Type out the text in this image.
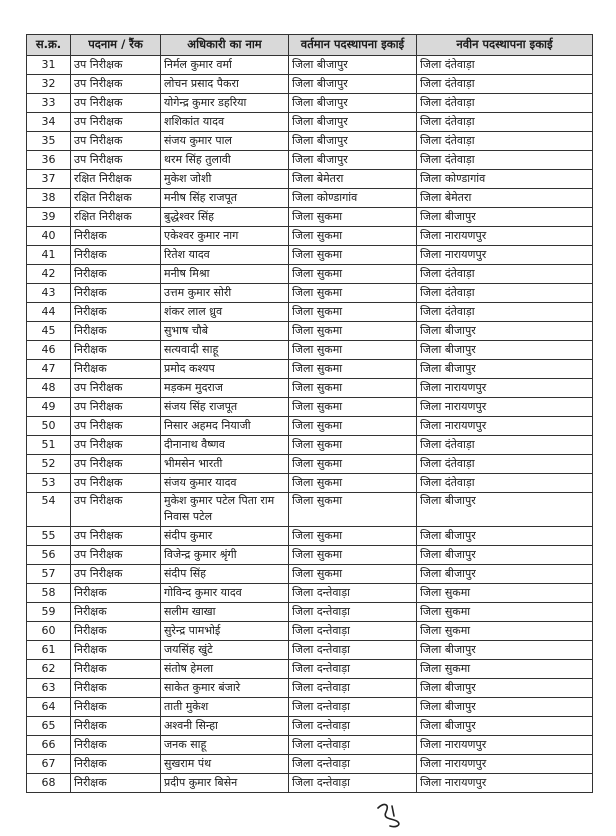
स.क्र.	पदनाम / रैंक	अधिकारी का नाम	वर्तमान पदस्थापना इकाई	नवीन पदस्थापना इकाई
31	उप निरीक्षक	निर्मल कुमार वर्मा	जिला बीजापुर	जिला दंतेवाड़ा
32	उप निरीक्षक	लोचन प्रसाद पैकरा	जिला बीजापुर	जिला दंतेवाड़ा
33	उप निरीक्षक	योगेन्द्र कुमार डहरिया	जिला बीजापुर	जिला दंतेवाड़ा
34	उप निरीक्षक	शशिकांत यादव	जिला बीजापुर	जिला दंतेवाड़ा
35	उप निरीक्षक	संजय कुमार पाल	जिला बीजापुर	जिला दंतेवाड़ा
36	उप निरीक्षक	थरम सिंह तुलावी	जिला बीजापुर	जिला दंतेवाड़ा
37	रक्षित निरीक्षक	मुकेश जोशी	जिला बेमेतरा	जिला कोण्डागांव
38	रक्षित निरीक्षक	मनीष सिंह राजपूत	जिला कोण्डागांव	जिला बेमेतरा
39	रक्षित निरीक्षक	बुद्धेश्वर सिंह	जिला सुकमा	जिला बीजापुर
40	निरीक्षक	एकेश्वर कुमार नाग	जिला सुकमा	जिला नारायणपुर
41	निरीक्षक	रितेश यादव	जिला सुकमा	जिला नारायणपुर
42	निरीक्षक	मनीष मिश्रा	जिला सुकमा	जिला दंतेवाड़ा
43	निरीक्षक	उत्तम कुमार सोरी	जिला सुकमा	जिला दंतेवाड़ा
44	निरीक्षक	शंकर लाल ध्रुव	जिला सुकमा	जिला दंतेवाड़ा
45	निरीक्षक	सुभाष चौबे	जिला सुकमा	जिला बीजापुर
46	निरीक्षक	सत्यवादी साहू	जिला सुकमा	जिला बीजापुर
47	निरीक्षक	प्रमोद कश्यप	जिला सुकमा	जिला बीजापुर
48	उप निरीक्षक	मड़कम मुदराज	जिला सुकमा	जिला नारायणपुर
49	उप निरीक्षक	संजय सिंह राजपूत	जिला सुकमा	जिला नारायणपुर
50	उप निरीक्षक	निसार अहमद नियाजी	जिला सुकमा	जिला नारायणपुर
51	उप निरीक्षक	दीनानाथ वैष्णव	जिला सुकमा	जिला दंतेवाड़ा
52	उप निरीक्षक	भीमसेन भारती	जिला सुकमा	जिला दंतेवाड़ा
53	उप निरीक्षक	संजय कुमार यादव	जिला सुकमा	जिला दंतेवाड़ा
54	उप निरीक्षक	मुकेश कुमार पटेल पिता राम निवास पटेल	जिला सुकमा	जिला बीजापुर
55	उप निरीक्षक	संदीप कुमार	जिला सुकमा	जिला बीजापुर
56	उप निरीक्षक	विजेन्द्र कुमार श्रृंगी	जिला सुकमा	जिला बीजापुर
57	उप निरीक्षक	संदीप सिंह	जिला सुकमा	जिला बीजापुर
58	निरीक्षक	गोविन्द कुमार यादव	जिला दन्तेवाड़ा	जिला सुकमा
59	निरीक्षक	सलीम खाखा	जिला दन्तेवाड़ा	जिला सुकमा
60	निरीक्षक	सुरेन्द्र पामभोई	जिला दन्तेवाड़ा	जिला सुकमा
61	निरीक्षक	जयसिंह खुंटे	जिला दन्तेवाड़ा	जिला बीजापुर
62	निरीक्षक	संतोष हेमला	जिला दन्तेवाड़ा	जिला सुकमा
63	निरीक्षक	साकेत कुमार बंजारे	जिला दन्तेवाड़ा	जिला बीजापुर
64	निरीक्षक	ताती मुकेश	जिला दन्तेवाड़ा	जिला बीजापुर
65	निरीक्षक	अश्वनी सिन्हा	जिला दन्तेवाड़ा	जिला बीजापुर
66	निरीक्षक	जनक साहू	जिला दन्तेवाड़ा	जिला नारायणपुर
67	निरीक्षक	सुखराम पंथ	जिला दन्तेवाड़ा	जिला नारायणपुर
68	निरीक्षक	प्रदीप कुमार बिसेन	जिला दन्तेवाड़ा	जिला नारायणपुर
